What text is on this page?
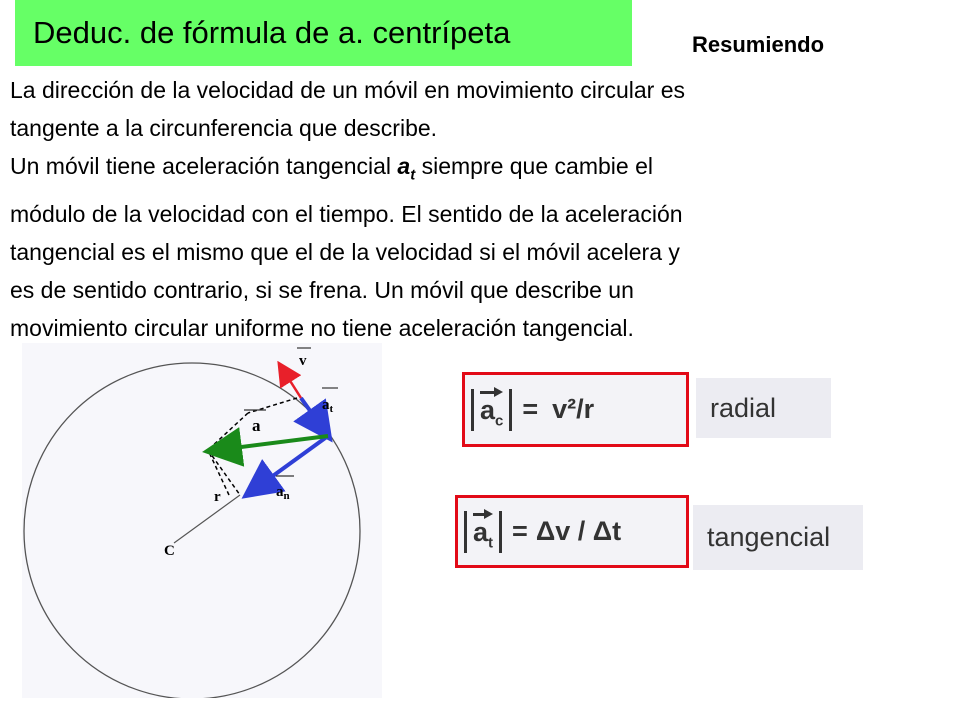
Deduc. de fórmula de a. centrípeta	Resumiendo

La dirección de la velocidad de un móvil en movimiento circular es

tangente a la circunferencia que describe.

Un móvil tiene aceleración tangencial $a_t$ siempre que cambie el

módulo de la velocidad con el tiempo. El sentido de la aceleración

tangencial es el mismo que el de la velocidad si el móvil acelera y

es de sentido contrario, si se frena. Un móvil que describe un

movimiento circular uniforme no tiene aceleración tangencial.

v
a
$a_t$
$a_n$
r
C
$a_c = v^2/r$	radial
$a_t = \Delta v / \Delta t$	tangencial
